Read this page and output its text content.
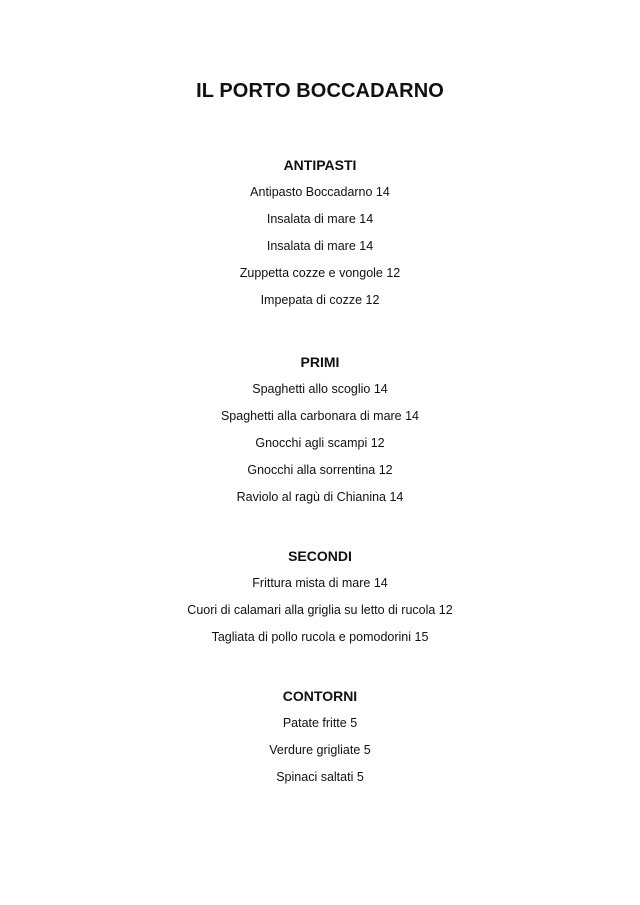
IL PORTO BOCCADARNO
ANTIPASTI
Antipasto Boccadarno 14
Insalata di mare 14
Insalata di mare 14
Zuppetta cozze e vongole 12
Impepata di cozze 12
PRIMI
Spaghetti allo scoglio 14
Spaghetti alla carbonara di mare 14
Gnocchi agli scampi 12
Gnocchi alla sorrentina 12
Raviolo al ragù di Chianina 14
SECONDI
Frittura mista di mare 14
Cuori di calamari alla griglia su letto di rucola 12
Tagliata di pollo rucola e pomodorini 15
CONTORNI
Patate fritte 5
Verdure grigliate 5
Spinaci saltati 5
